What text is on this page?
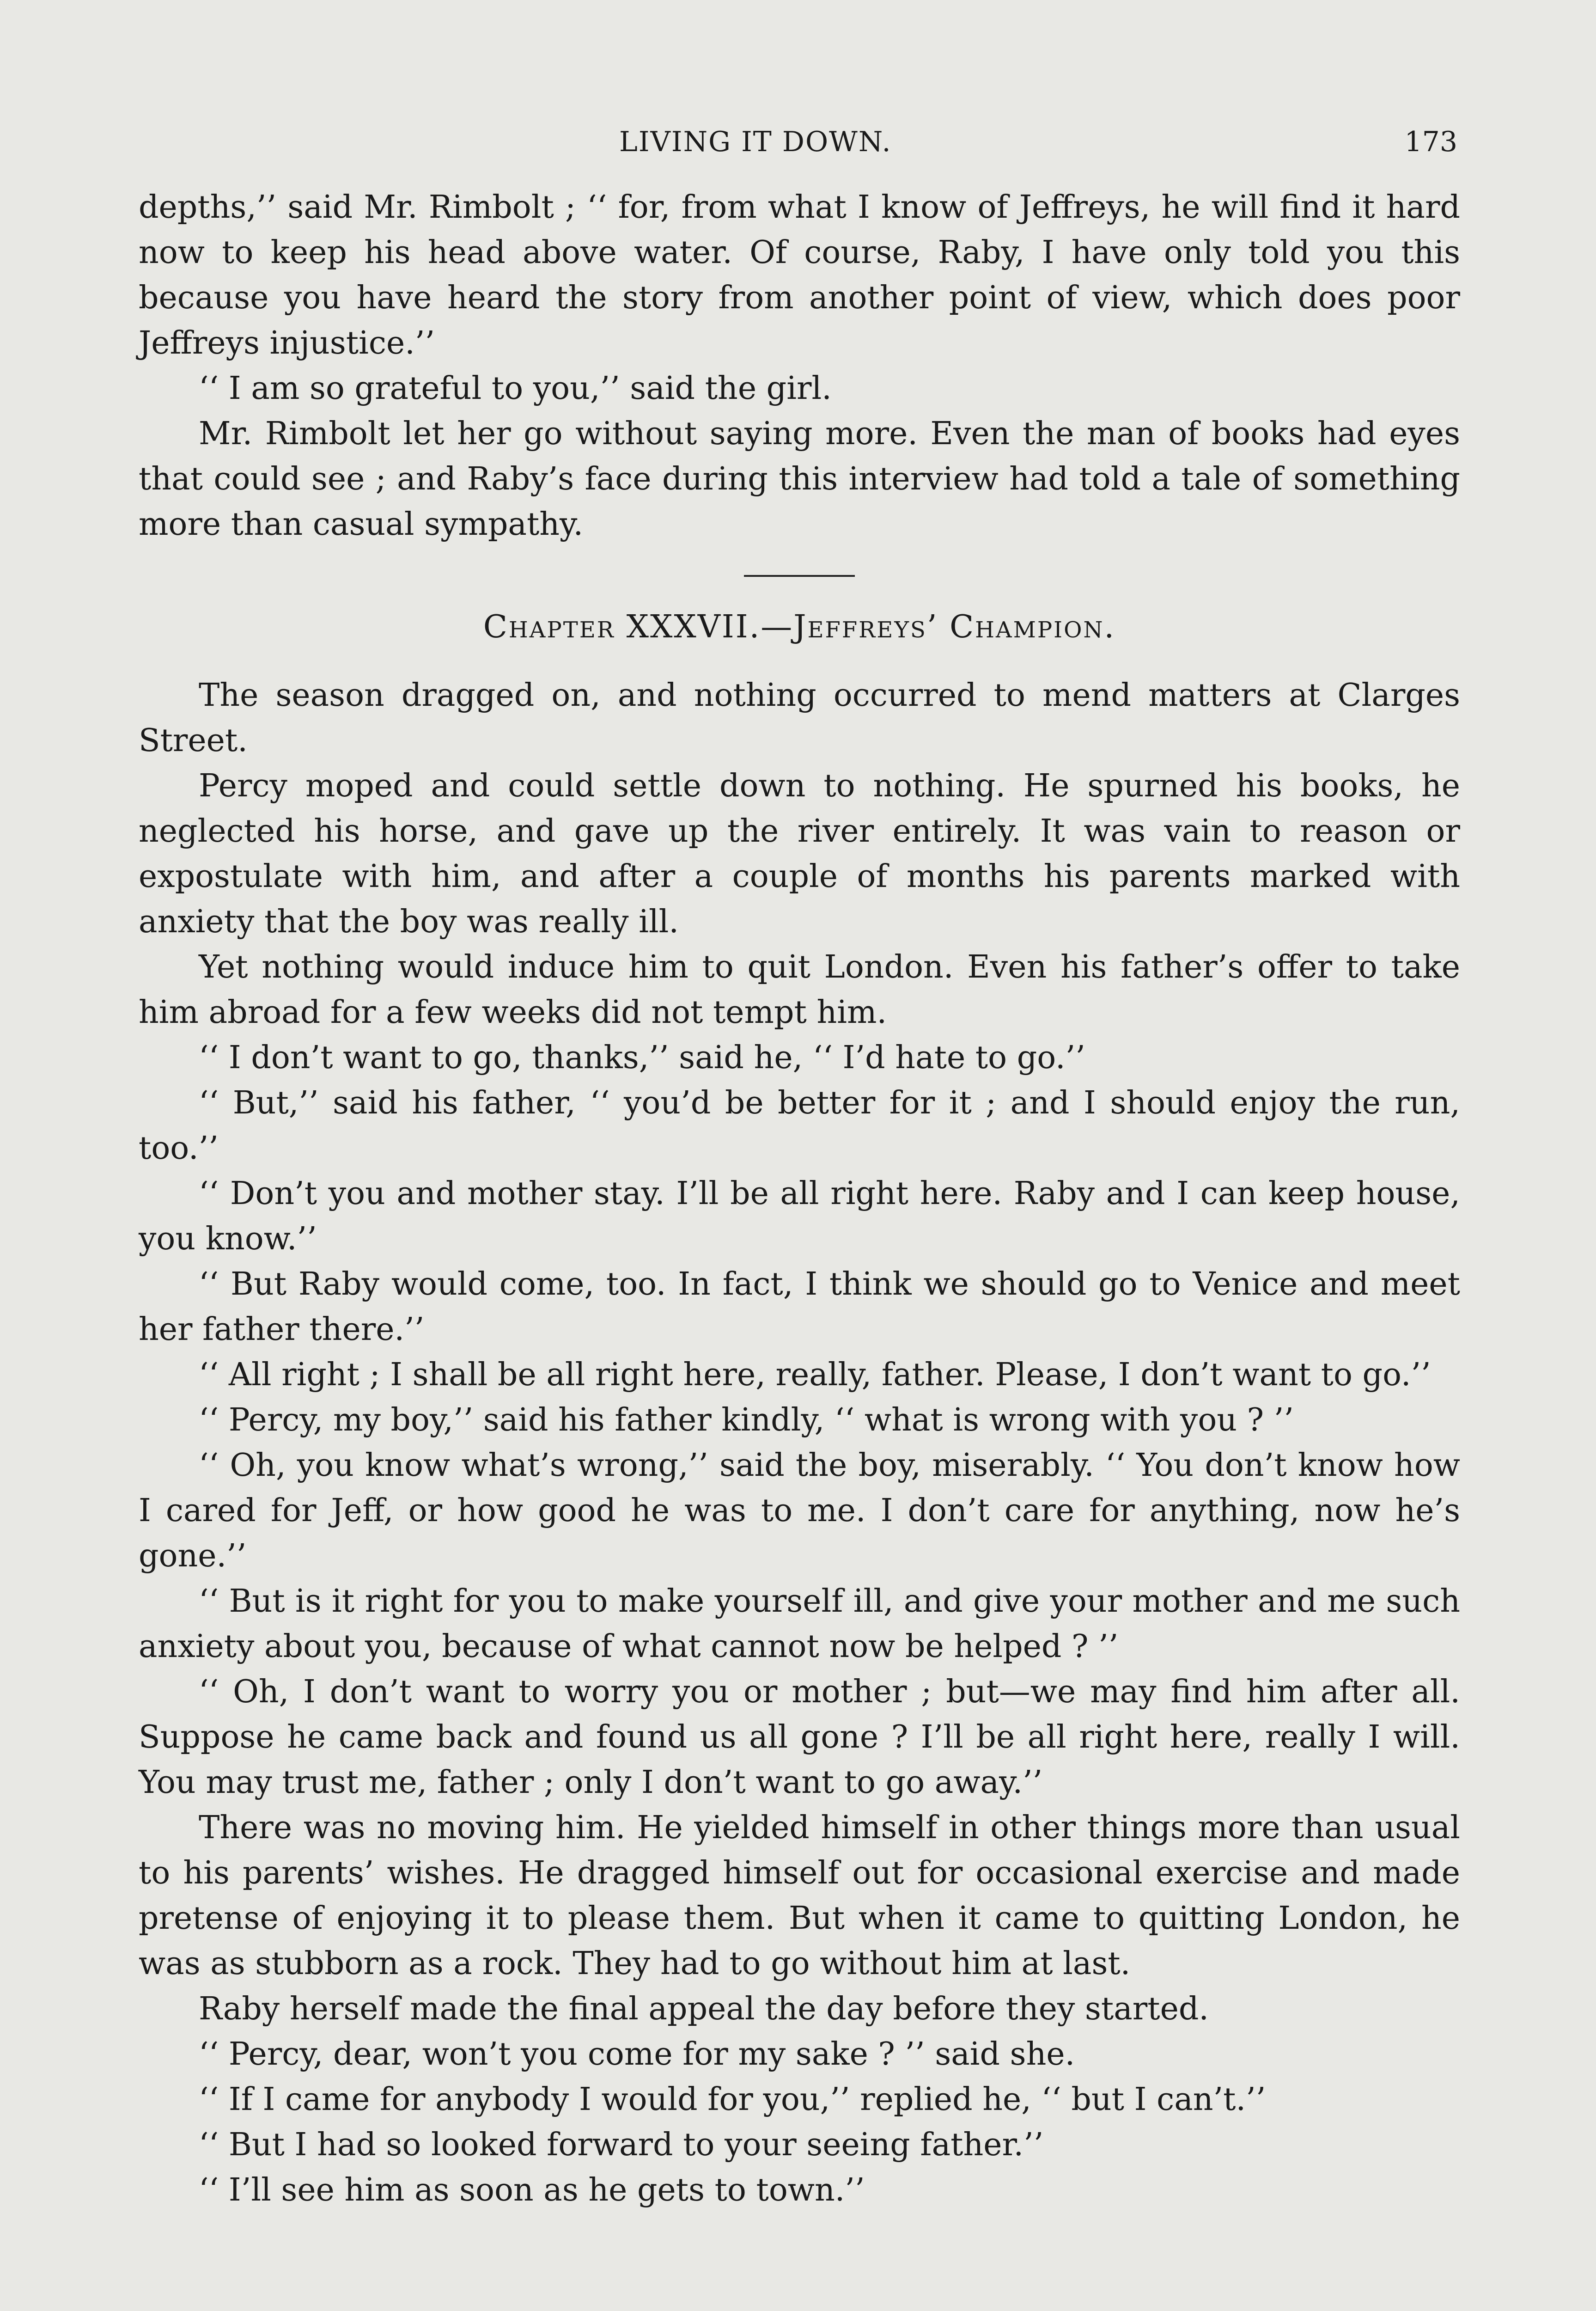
LIVING IT DOWN.	173

depths,’’ said Mr. Rimbolt ; ‘‘ for, from what I know of Jeffreys, he will find it hard now to keep his head above water. Of course, Raby, I have only told you this because you have heard the story from another point of view, which does poor Jeffreys injustice.’’

‘‘ I am so grateful to you,’’ said the girl.

Mr. Rimbolt let her go without saying more. Even the man of books had eyes that could see ; and Raby’s face during this interview had told a tale of something more than casual sympathy.

Chapter XXXVII.—Jeffreys’ Champion.

The season dragged on, and nothing occurred to mend matters at Clarges Street.

Percy moped and could settle down to nothing. He spurned his books, he neglected his horse, and gave up the river entirely. It was vain to reason or expostulate with him, and after a couple of months his parents marked with anxiety that the boy was really ill.

Yet nothing would induce him to quit London. Even his father’s offer to take him abroad for a few weeks did not tempt him.

‘‘ I don’t want to go, thanks,’’ said he, ‘‘ I’d hate to go.’’

‘‘ But,’’ said his father, ‘‘ you’d be better for it ; and I should enjoy the run, too.’’

‘‘ Don’t you and mother stay. I’ll be all right here. Raby and I can keep house, you know.’’

‘‘ But Raby would come, too. In fact, I think we should go to Venice and meet her father there.’’

‘‘ All right ; I shall be all right here, really, father. Please, I don’t want to go.’’

‘‘ Percy, my boy,’’ said his father kindly, ‘‘ what is wrong with you ? ’’

‘‘ Oh, you know what’s wrong,’’ said the boy, miserably. ‘‘ You don’t know how I cared for Jeff, or how good he was to me. I don’t care for anything, now he’s gone.’’

‘‘ But is it right for you to make yourself ill, and give your mother and me such anxiety about you, because of what cannot now be helped ? ’’

‘‘ Oh, I don’t want to worry you or mother ; but—we may find him after all. Suppose he came back and found us all gone ? I’ll be all right here, really I will. You may trust me, father ; only I don’t want to go away.’’

There was no moving him. He yielded himself in other things more than usual to his parents’ wishes. He dragged himself out for occasional exercise and made pretense of enjoying it to please them. But when it came to quitting London, he was as stubborn as a rock. They had to go without him at last.

Raby herself made the final appeal the day before they started.

‘‘ Percy, dear, won’t you come for my sake ? ’’ said she.

‘‘ If I came for anybody I would for you,’’ replied he, ‘‘ but I can’t.’’

‘‘ But I had so looked forward to your seeing father.’’

‘‘ I’ll see him as soon as he gets to town.’’
